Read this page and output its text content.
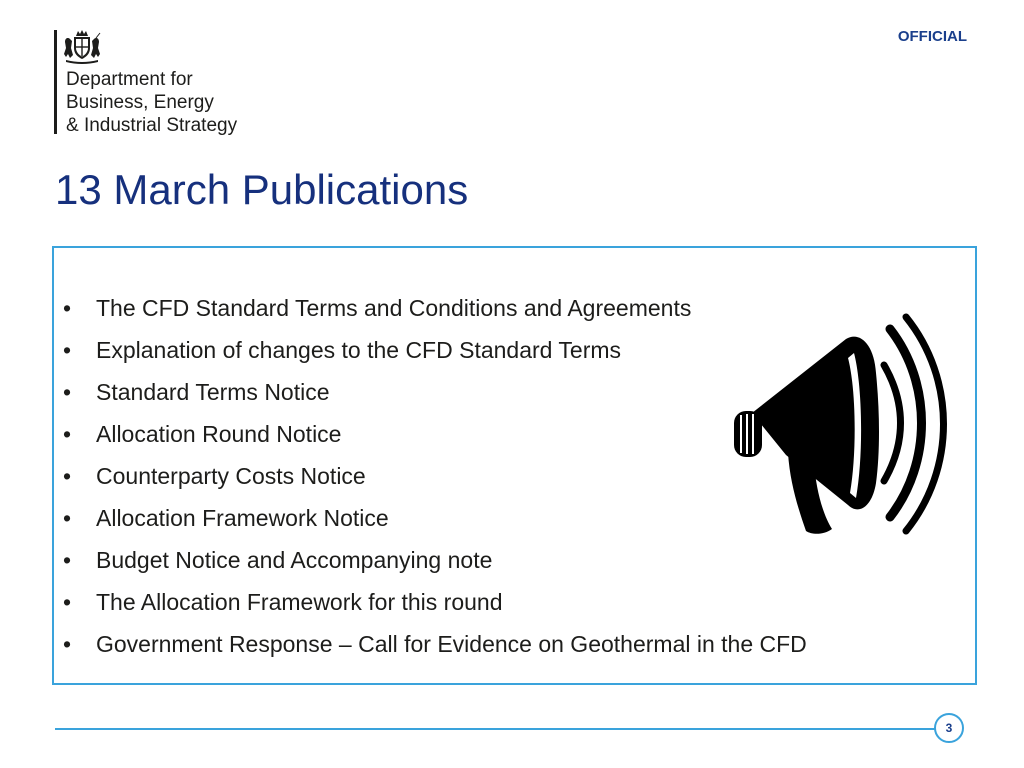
Department for
Business, Energy
& Industrial Strategy

OFFICIAL
13 March Publications
• The CFD Standard Terms and Conditions and Agreements
• Explanation of changes to the CFD Standard Terms
• Standard Terms Notice
• Allocation Round Notice
• Counterparty Costs Notice
• Allocation Framework Notice
• Budget Notice and Accompanying note
• The Allocation Framework for this round
• Government Response – Call for Evidence on Geothermal in the CFD
3
